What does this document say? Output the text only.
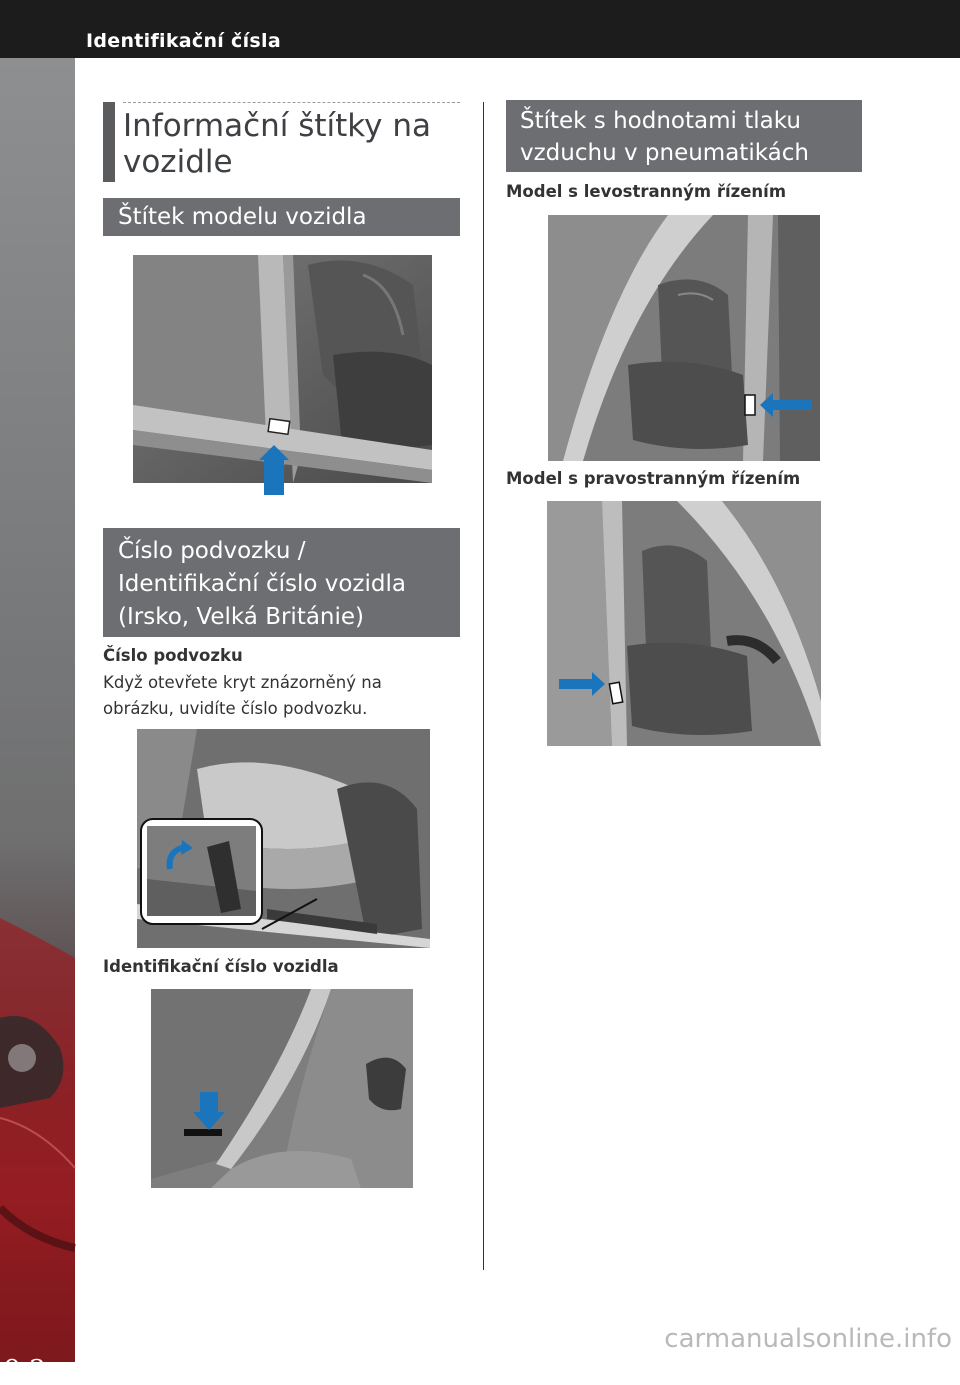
Identifikační čísla
9-2
Informační štítky na
vozidle
Štítek modelu vozidla
Číslo podvozku /
Identifikační číslo vozidla
(Irsko, Velká Británie)
Číslo podvozku
Když otevřete kryt znázorněný na
obrázku, uvidíte číslo podvozku.
Identifikační číslo vozidla
Štítek s hodnotami tlaku
vzduchu v pneumatikách
Model s levostranným řízením
Model s pravostranným řízením
carmanualsonline.info
